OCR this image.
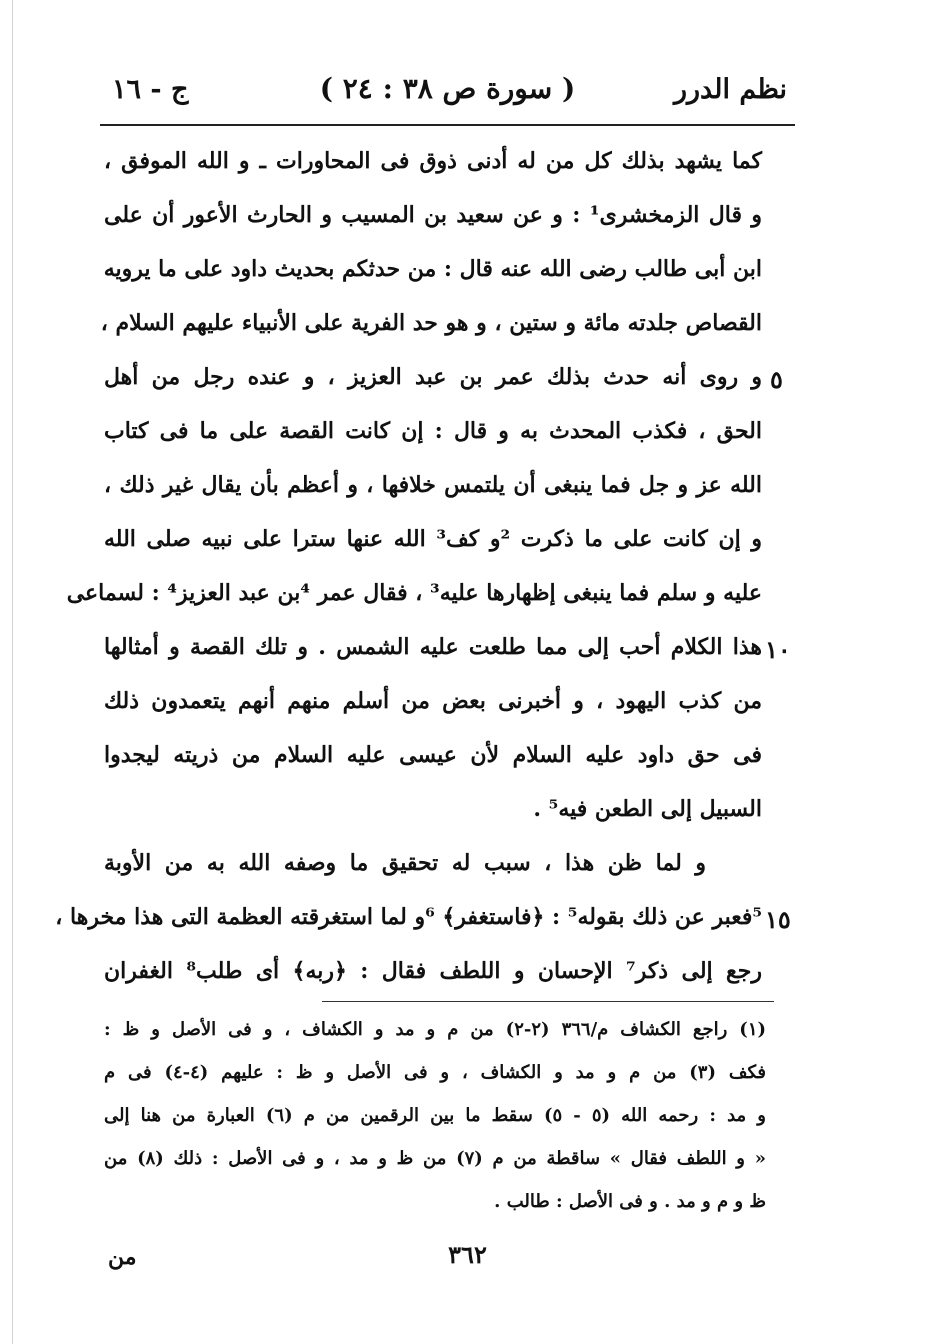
نظم الدرر
( سورة ص ٣٨ : ٢٤ )
ج - ١٦
كما يشهد بذلك كل من له أدنى ذوق فى المحاورات ـ و الله الموفق ،
و قال الزمخشرى¹ : و عن سعيد بن المسيب و الحارث الأعور أن على
ابن أبى طالب رضى الله عنه قال : من حدثكم بحديث داود على ما يرويه
القصاص جلدته مائة و ستين ، و هو حد الفرية على الأنبياء عليهم السلام ،
و روى أنه حدث بذلك عمر بن عبد العزيز ، و عنده رجل من أهل
الحق ، فكذب المحدث به و قال : إن كانت القصة على ما فى كتاب
الله عز و جل فما ينبغى أن يلتمس خلافها ، و أعظم بأن يقال غير ذلك ،
و إن كانت على ما ذكرت ²و كف³ الله عنها سترا على نبيه صلى الله
عليه و سلم فما ينبغى إظهارها عليه³ ، فقال عمر ⁴بن عبد العزيز⁴ : لسماعى
هذا الكلام أحب إلى مما طلعت عليه الشمس . و تلك القصة و أمثالها
من كذب اليهود ، و أخبرنى بعض من أسلم منهم أنهم يتعمدون ذلك
فى حق داود عليه السلام لأن عيسى عليه السلام من ذريته ليجدوا
السبيل إلى الطعن فيه⁵ .
و لما ظن هذا ، سبب له تحقيق ما وصفه الله به من الأوبة
⁵فعبر عن ذلك بقوله⁵ : ﴿فاستغفر﴾ ⁶و لما استغرقته العظمة التى هذا مخرها ،
رجع إلى ذكر⁷ الإحسان و اللطف فقال : ﴿ربه﴾ أى طلب⁸ الغفران
٥
١٠
١٥
(١) راجع الكشاف م/٣٦٦ (٢-٢) من م و مد و الكشاف ، و فى الأصل و ظ :
فكف (٣) من م و مد و الكشاف ، و فى الأصل و ظ : عليهم (٤-٤) فى م
و مد : رحمه الله (٥ - ٥) سقط ما بين الرقمين من م (٦) العبارة من هنا إلى
« و اللطف فقال » ساقطة من م (٧) من ظ و مد ، و فى الأصل : ذلك (٨) من
ظ و م و مد . و فى الأصل : طالب .
من	٣٦٢
